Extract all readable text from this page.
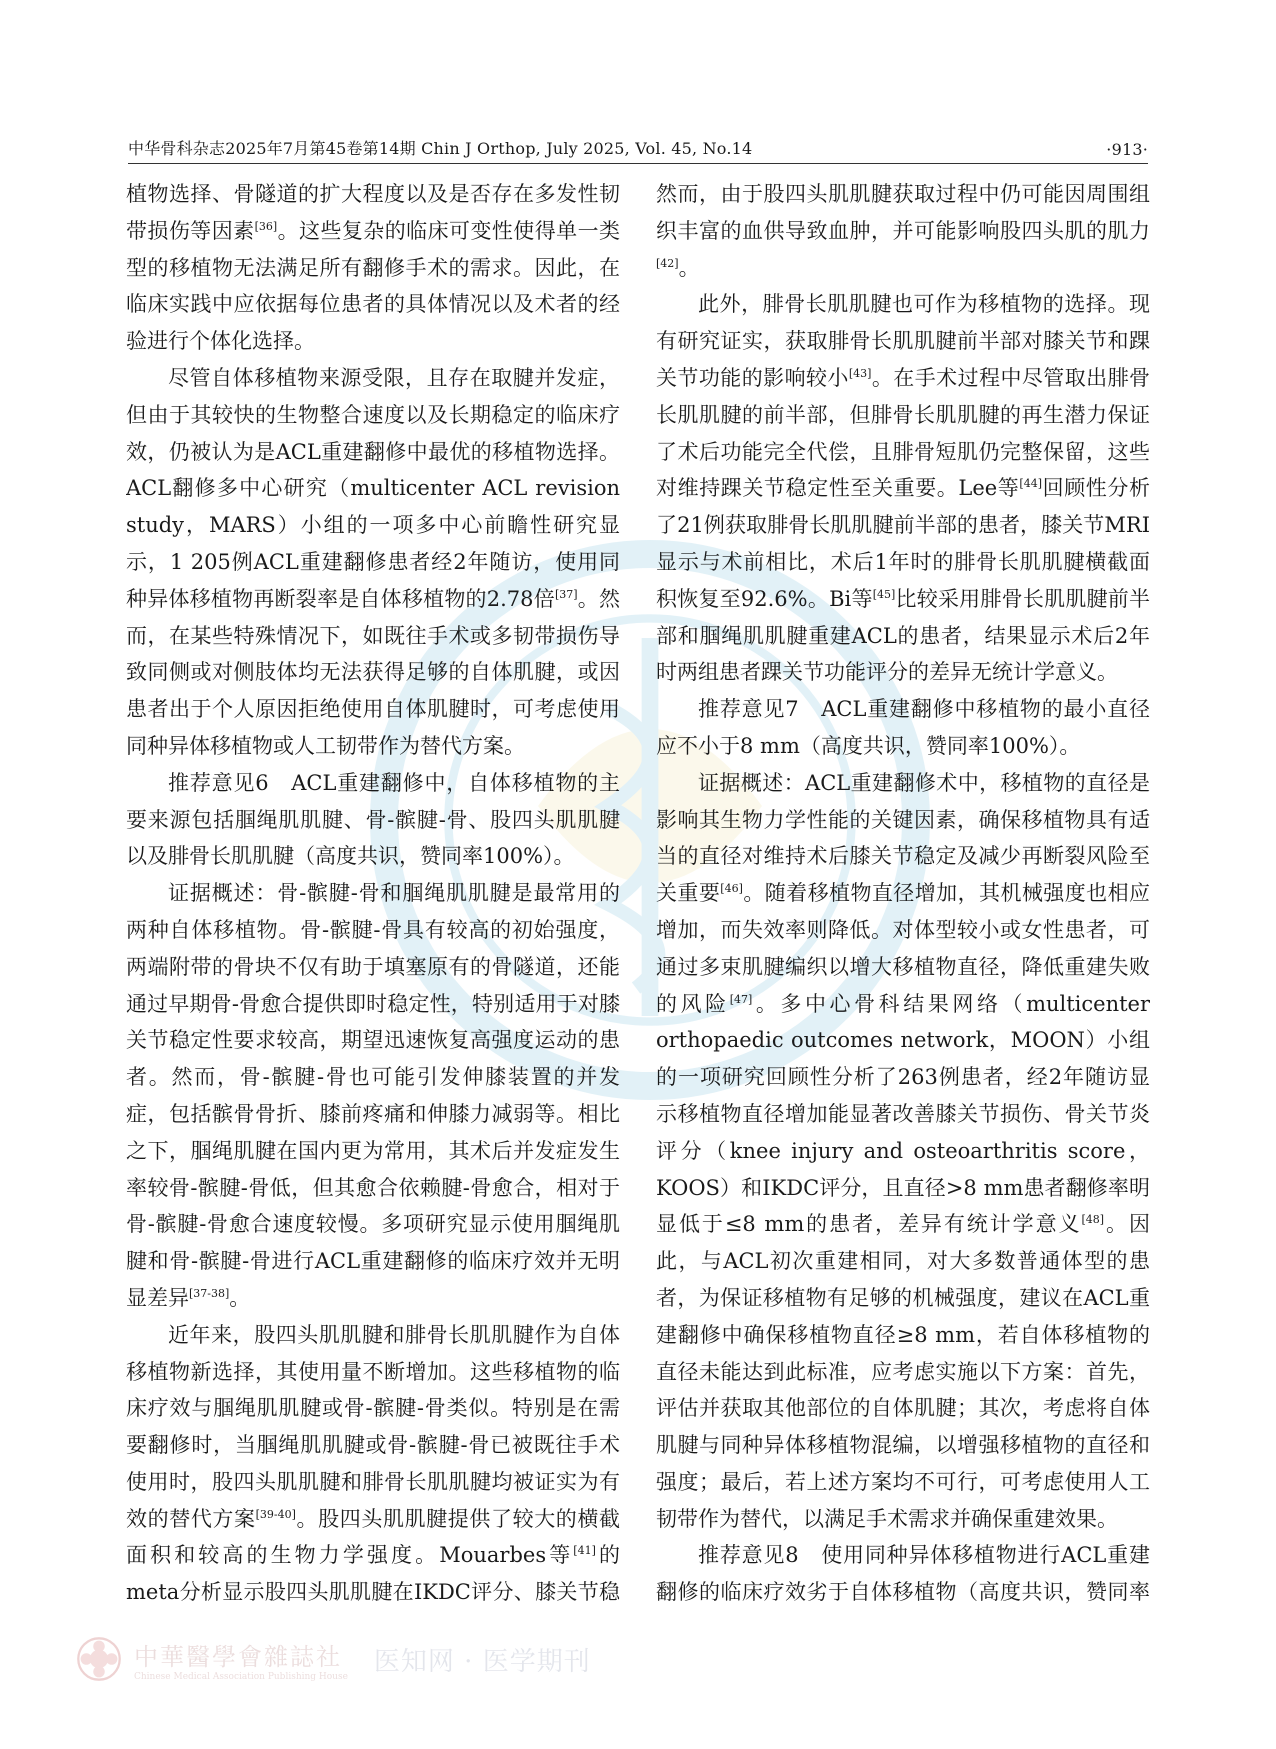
中华骨科杂志2025年7月第45卷第14期 Chin J Orthop, July 2025, Vol. 45, No.14	·913·

植物选择、骨隧道的扩大程度以及是否存在多发性韧带损伤等因素[36]。这些复杂的临床可变性使得单一类型的移植物无法满足所有翻修手术的需求。因此，在临床实践中应依据每位患者的具体情况以及术者的经验进行个体化选择。

尽管自体移植物来源受限，且存在取腱并发症，但由于其较快的生物整合速度以及长期稳定的临床疗效，仍被认为是ACL重建翻修中最优的移植物选择。ACL翻修多中心研究（multicenter ACL revision study，MARS）小组的一项多中心前瞻性研究显示，1 205例ACL重建翻修患者经2年随访，使用同种异体移植物再断裂率是自体移植物的2.78倍[37]。然而，在某些特殊情况下，如既往手术或多韧带损伤导致同侧或对侧肢体均无法获得足够的自体肌腱，或因患者出于个人原因拒绝使用自体肌腱时，可考虑使用同种异体移植物或人工韧带作为替代方案。

推荐意见6　ACL重建翻修中，自体移植物的主要来源包括腘绳肌肌腱、骨-髌腱-骨、股四头肌肌腱以及腓骨长肌肌腱（高度共识，赞同率100%）。

证据概述：骨-髌腱-骨和腘绳肌肌腱是最常用的两种自体移植物。骨-髌腱-骨具有较高的初始强度，两端附带的骨块不仅有助于填塞原有的骨隧道，还能通过早期骨-骨愈合提供即时稳定性，特别适用于对膝关节稳定性要求较高，期望迅速恢复高强度运动的患者。然而，骨-髌腱-骨也可能引发伸膝装置的并发症，包括髌骨骨折、膝前疼痛和伸膝力减弱等。相比之下，腘绳肌腱在国内更为常用，其术后并发症发生率较骨-髌腱-骨低，但其愈合依赖腱-骨愈合，相对于骨-髌腱-骨愈合速度较慢。多项研究显示使用腘绳肌腱和骨-髌腱-骨进行ACL重建翻修的临床疗效并无明显差异[37-38]。

近年来，股四头肌肌腱和腓骨长肌肌腱作为自体移植物新选择，其使用量不断增加。这些移植物的临床疗效与腘绳肌肌腱或骨-髌腱-骨类似。特别是在需要翻修时，当腘绳肌肌腱或骨-髌腱-骨已被既往手术使用时，股四头肌肌腱和腓骨长肌肌腱均被证实为有效的替代方案[39-40]。股四头肌肌腱提供了较大的横截面积和较高的生物力学强度。Mouarbes等[41]的meta分析显示股四头肌肌腱在IKDC评分、膝关节稳

然而，由于股四头肌肌腱获取过程中仍可能因周围组织丰富的血供导致血肿，并可能影响股四头肌的肌力[42]。

此外，腓骨长肌肌腱也可作为移植物的选择。现有研究证实，获取腓骨长肌肌腱前半部对膝关节和踝关节功能的影响较小[43]。在手术过程中尽管取出腓骨长肌肌腱的前半部，但腓骨长肌肌腱的再生潜力保证了术后功能完全代偿，且腓骨短肌仍完整保留，这些对维持踝关节稳定性至关重要。Lee等[44]回顾性分析了21例获取腓骨长肌肌腱前半部的患者，膝关节MRI显示与术前相比，术后1年时的腓骨长肌肌腱横截面积恢复至92.6%。Bi等[45]比较采用腓骨长肌肌腱前半部和腘绳肌肌腱重建ACL的患者，结果显示术后2年时两组患者踝关节功能评分的差异无统计学意义。

推荐意见7　ACL重建翻修中移植物的最小直径应不小于8 mm（高度共识，赞同率100%）。

证据概述：ACL重建翻修术中，移植物的直径是影响其生物力学性能的关键因素，确保移植物具有适当的直径对维持术后膝关节稳定及减少再断裂风险至关重要[46]。随着移植物直径增加，其机械强度也相应增加，而失效率则降低。对体型较小或女性患者，可通过多束肌腱编织以增大移植物直径，降低重建失败的风险[47]。多中心骨科结果网络（multicenter orthopaedic outcomes network，MOON）小组的一项研究回顾性分析了263例患者，经2年随访显示移植物直径增加能显著改善膝关节损伤、骨关节炎评分（knee injury and osteoarthritis score，KOOS）和IKDC评分，且直径>8 mm患者翻修率明显低于≤8 mm的患者，差异有统计学意义[48]。因此，与ACL初次重建相同，对大多数普通体型的患者，为保证移植物有足够的机械强度，建议在ACL重建翻修中确保移植物直径≥8 mm，若自体移植物的直径未能达到此标准，应考虑实施以下方案：首先，评估并获取其他部位的自体肌腱；其次，考虑将自体肌腱与同种异体移植物混编，以增强移植物的直径和强度；最后，若上述方案均不可行，可考虑使用人工韧带作为替代，以满足手术需求并确保重建效果。

推荐意见8　使用同种异体移植物进行ACL重建翻修的临床疗效劣于自体移植物（高度共识，赞同率

中華醫學會雜誌社
Chinese Medical Association Publishing House 医知网 · 医学期刊
